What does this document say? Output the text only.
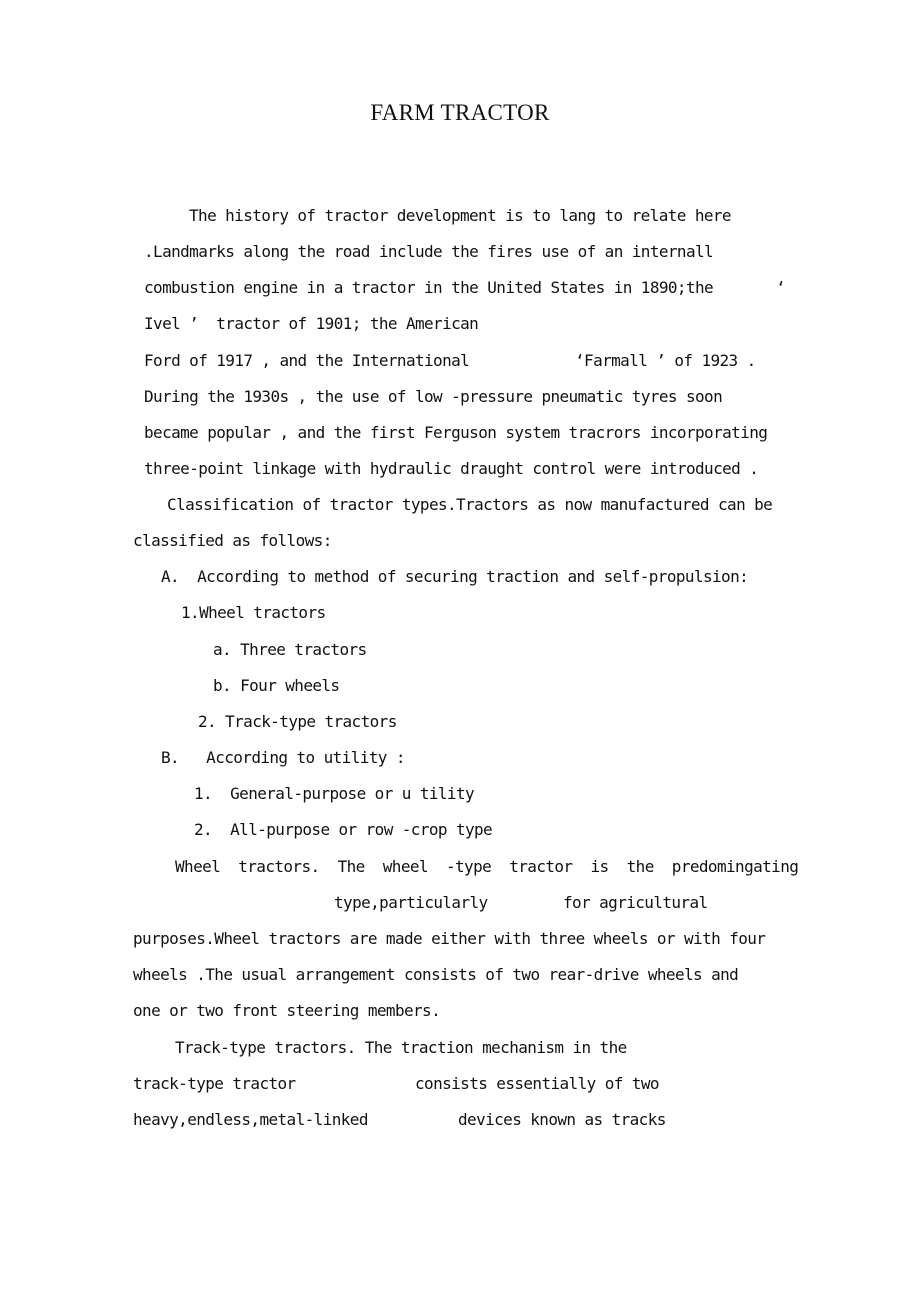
FARM TRACTOR
The history of tractor development is to lang to relate here
.Landmarks along the road include the fires use of an internall
combustion engine in a tractor in the United States in 1890;the	‘
Ivel ’  tractor of 1901; the American
Ford of 1917 , and the International	‘Farmall ’ of 1923 .
During the 1930s , the use of low -pressure pneumatic tyres soon
became popular , and the first Ferguson system tracrors incorporating
three-point linkage with hydraulic draught control were introduced .
Classification of tractor types.Tractors as now manufactured can be
classified as follows:
A.  According to method of securing traction and self-propulsion:
1.Wheel tractors
a. Three tractors
b. Four wheels
2. Track-type tractors
B.   According to utility :
1.  General-purpose or u tility
2.  All-purpose or row -crop type
Wheel  tractors.  The  wheel  -type  tractor  is  the  predomingating
type,particularly	for agricultural
purposes.Wheel tractors are made either with three wheels or with four
wheels .The usual arrangement consists of two rear-drive wheels and
one or two front steering members.
Track-type tractors. The traction mechanism in the
track-type tractor	consists essentially of two
heavy,endless,metal-linked	devices known as tracks
